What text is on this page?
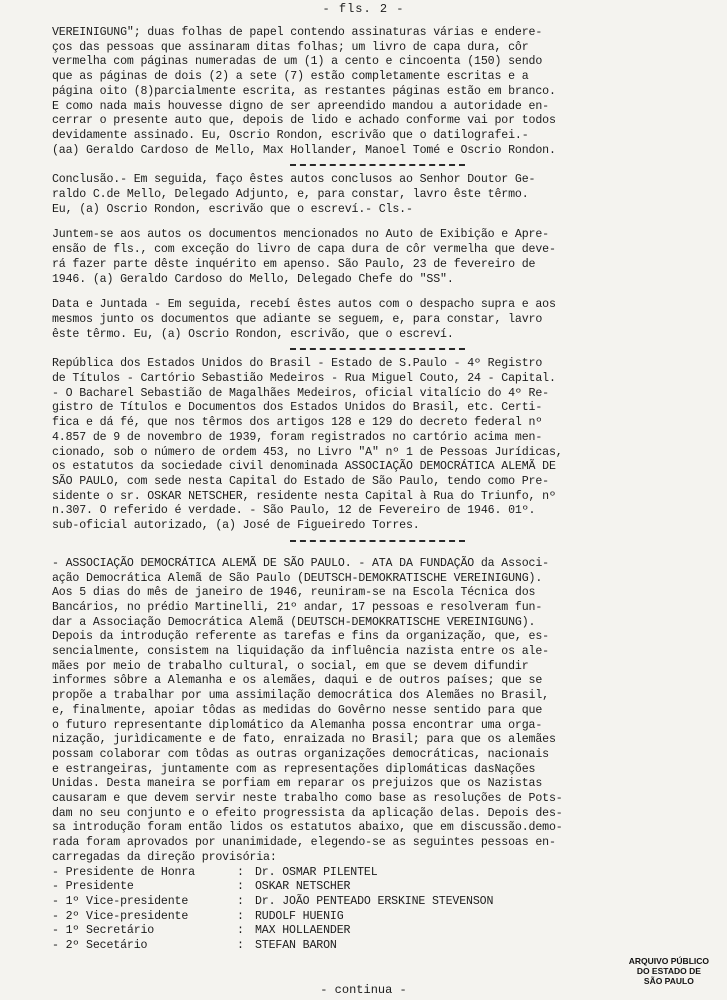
- fls. 2 -

VEREINIGUNG"; duas folhas de papel contendo assinaturas várias e endere-

ços das pessoas que assinaram ditas folhas; um livro de capa dura, côr

vermelha com páginas numeradas de um (1) a cento e cincoenta (150) sendo

que as páginas de dois (2) a sete (7) estão completamente escritas e a

página oito (8)parcialmente escrita, as restantes páginas estão em branco.

E como nada mais houvesse digno de ser apreendido mandou a autoridade en-

cerrar o presente auto que, depois de lido e achado conforme vai por todos

devidamente assinado. Eu, Oscrio Rondon, escrivão que o datilografei.-

(aa) Geraldo Cardoso de Mello, Max Hollander, Manoel Tomé e Oscrio Rondon.

Conclusão.- Em seguida, faço êstes autos conclusos ao Senhor Doutor Ge-

raldo C.de Mello, Delegado Adjunto, e, para constar, lavro êste têrmo.

Eu, (a) Oscrio Rondon, escrivão que o escreví.- Cls.-

Juntem-se aos autos os documentos mencionados no Auto de Exibição e Apre-

ensão de fls., com exceção do livro de capa dura de côr vermelha que deve-

rá fazer parte dêste inquérito em apenso. São Paulo, 23 de fevereiro de

1946. (a) Geraldo Cardoso do Mello, Delegado Chefe do "SS".

Data e Juntada - Em seguida, recebí êstes autos com o despacho supra e aos

mesmos junto os documentos que adiante se seguem, e, para constar, lavro

êste têrmo. Eu, (a) Oscrio Rondon, escrivão, que o escreví.

República dos Estados Unidos do Brasil - Estado de S.Paulo - 4º Registro

de Títulos - Cartório Sebastião Medeiros - Rua Miguel Couto, 24 - Capital.

- O Bacharel Sebastião de Magalhães Medeiros, oficial vitalício do 4º Re-

gistro de Títulos e Documentos dos Estados Unidos do Brasil, etc. Certi-

fica e dá fé, que nos têrmos dos artigos 128 e 129 do decreto federal nº

4.857 de 9 de novembro de 1939, foram registrados no cartório acima men-

cionado, sob o número de ordem 453, no Livro "A" nº 1 de Pessoas Jurídicas,

os estatutos da sociedade civil denominada ASSOCIAÇÃO DEMOCRÁTICA ALEMÃ DE

SÃO PAULO, com sede nesta Capital do Estado de São Paulo, tendo como Pre-

sidente o sr. OSKAR NETSCHER, residente nesta Capital à Rua do Triunfo, nº

n.307. O referido é verdade. - São Paulo, 12 de Fevereiro de 1946. 01º.

sub-oficial autorizado, (a) José de Figueiredo Torres.

- ASSOCIAÇÃO DEMOCRÁTICA ALEMÃ DE SÃO PAULO. - ATA DA FUNDAÇÃO da Associ-

ação Democrática Alemã de São Paulo (DEUTSCH-DEMOKRATISCHE VEREINIGUNG).

Aos 5 dias do mês de janeiro de 1946, reuniram-se na Escola Técnica dos

Bancários, no prédio Martinelli, 21º andar, 17 pessoas e resolveram fun-

dar a Associação Democrática Alemã (DEUTSCH-DEMOKRATISCHE VEREINIGUNG).

Depois da introdução referente as tarefas e fins da organização, que, es-

sencialmente, consistem na liquidação da influência nazista entre os ale-

mães por meio de trabalho cultural, o social, em que se devem difundir

informes sôbre a Alemanha e os alemães, daqui e de outros países; que se

propõe a trabalhar por uma assimilação democrática dos Alemães no Brasil,

e, finalmente, apoiar tôdas as medidas do Govêrno nesse sentido para que

o futuro representante diplomático da Alemanha possa encontrar uma orga-

nização, jurìdicamente e de fato, enraizada no Brasil; para que os alemães

possam colaborar com tôdas as outras organizações democráticas, nacionais

e estrangeiras, juntamente com as representações diplomáticas dasNações

Unidas. Desta maneira se porfiam em reparar os prejuizos que os Nazistas

causaram e que devem servir neste trabalho como base as resoluções de Pots-

dam no seu conjunto e o efeito progressista da aplicação delas. Depois des-

sa introdução foram então lidos os estatutos abaixo, que em discussão.demo-

rada foram aprovados por unanimidade, elegendo-se as seguintes pessoas en-

carregadas da direção provisória:

- Presidente de Honra	: Dr. OSMAR PILENTEL
- Presidente	: OSKAR NETSCHER
- 1º Vice-presidente	: Dr. JOÃO PENTEADO ERSKINE STEVENSON
- 2º Vice-presidente	: RUDOLF HUENIG
- 1º Secretário	: MAX HOLLAENDER
- 2º Secetário	: STEFAN BARON
- continua -
ARQUIVO PÚBLICO
DO ESTADO DE
SÃO PAULO
